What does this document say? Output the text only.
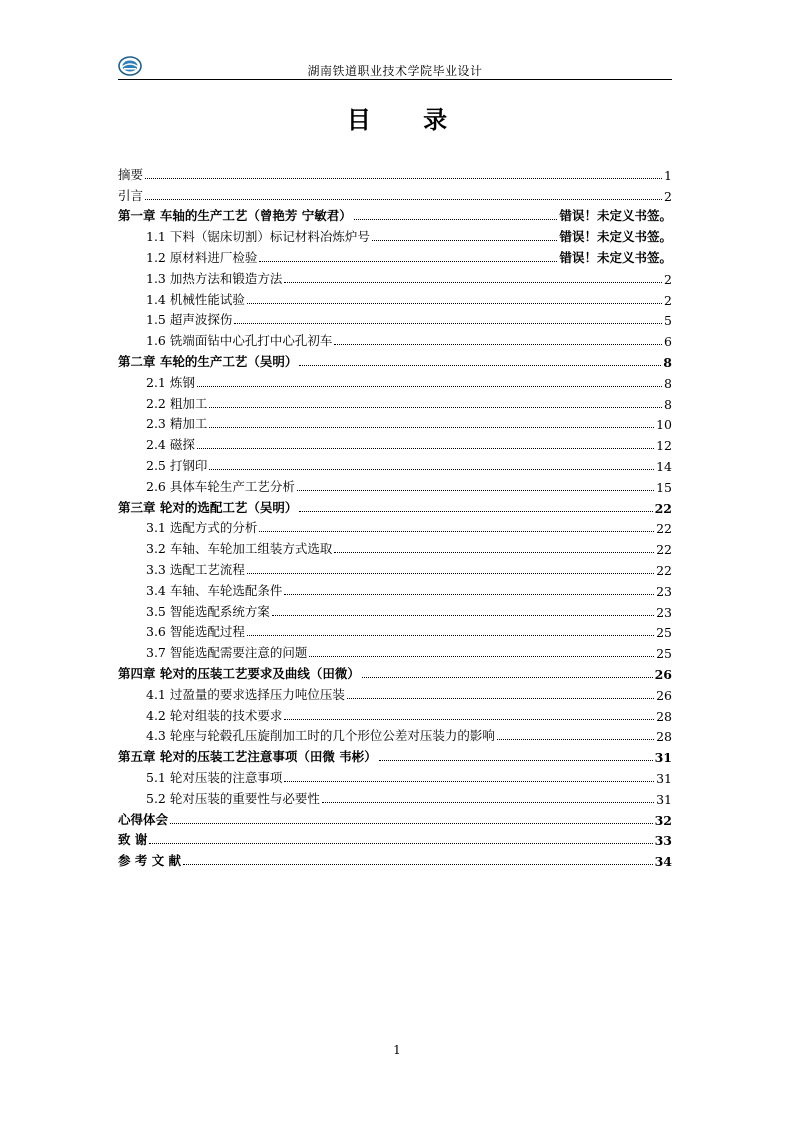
湖南铁道职业技术学院毕业设计
目 录
摘要	1
引言	2
第一章 车轴的生产工艺（曾艳芳 宁敏君）	错误！未定义书签。
1.1 下料（锯床切割）标记材料冶炼炉号	错误！未定义书签。
1.2 原材料进厂检验	错误！未定义书签。
1.3 加热方法和锻造方法	2
1.4 机械性能试验	2
1.5 超声波探伤	5
1.6 铣端面钻中心孔打中心孔初车	6
第二章 车轮的生产工艺（吴明）	8
2.1 炼钢	8
2.2 粗加工	8
2.3 精加工	10
2.4 磁探	12
2.5 打钢印	14
2.6 具体车轮生产工艺分析	15
第三章 轮对的选配工艺（吴明）	22
3.1 选配方式的分析	22
3.2 车轴、车轮加工组装方式选取	22
3.3 选配工艺流程	22
3.4 车轴、车轮选配条件	23
3.5 智能选配系统方案	23
3.6 智能选配过程	25
3.7 智能选配需要注意的问题	25
第四章 轮对的压装工艺要求及曲线（田微）	26
4.1 过盈量的要求选择压力吨位压装	26
4.2 轮对组装的技术要求	28
4.3 轮座与轮毂孔压旋削加工时的几个形位公差对压装力的影响	28
第五章 轮对的压装工艺注意事项（田微 韦彬）	31
5.1 轮对压装的注意事项	31
5.2 轮对压装的重要性与必要性	31
心得体会	32
致 谢	33
参 考 文 献	34
1
